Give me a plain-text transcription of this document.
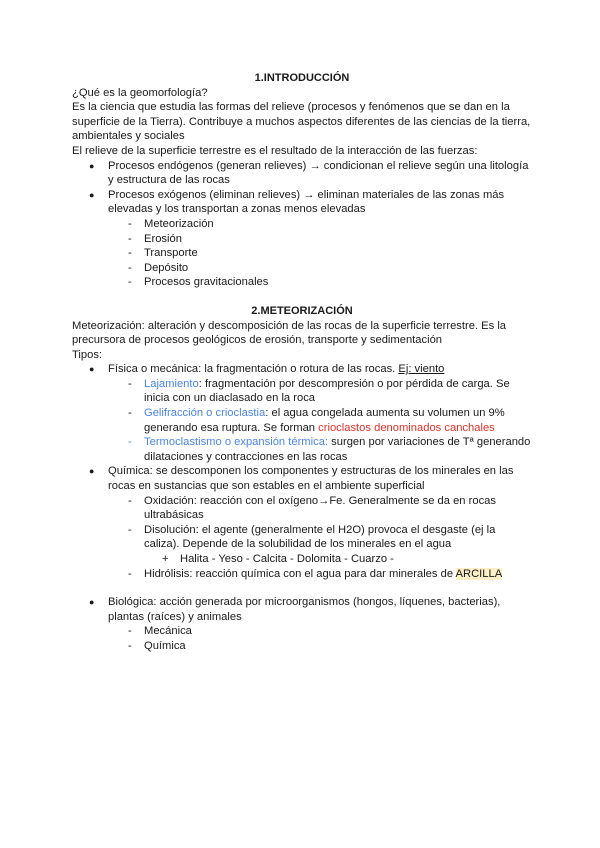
1.INTRODUCCIÓN

¿Qué es la geomorfología?

Es la ciencia que estudia las formas del relieve (procesos y fenómenos que se dan en la superficie de la Tierra). Contribuye a muchos aspectos diferentes de las ciencias de la tierra, ambientales y sociales

El relieve de la superficie terrestre es el resultado de la interacción de las fuerzas:

● Procesos endógenos (generan relieves) → condicionan el relieve según una litología y estructura de las rocas
● Procesos exógenos (eliminan relieves) → eliminan materiales de las zonas más elevadas y los transportan a zonas menos elevadas
- Meteorización
- Erosión
- Transporte
- Depósito
- Procesos gravitacionales
2.METEORIZACIÓN

Meteorización: alteración y descomposición de las rocas de la superficie terrestre. Es la precursora de procesos geológicos de erosión, transporte y sedimentación

Tipos:

● Física o mecánica: la fragmentación o rotura de las rocas. Ej: viento
- Lajamiento: fragmentación por descompresión o por pérdida de carga. Se inicia con un diaclasado en la roca
- Gelifracción o crioclastia: el agua congelada aumenta su volumen un 9% generando esa ruptura. Se forman crioclastos denominados canchales
- Termoclastismo o expansión térmica: surgen por variaciones de Tª generando dilataciones y contracciones en las rocas
● Química: se descomponen los componentes y estructuras de los minerales en las rocas en sustancias que son estables en el ambiente superficial
- Oxidación: reacción con el oxígeno→Fe. Generalmente se da en rocas ultrabásicas
- Disolución: el agente (generalmente el H2O) provoca el desgaste (ej la caliza). Depende de la solubilidad de los minerales en el agua
+ Halita - Yeso - Calcita - Dolomita - Cuarzo -
- Hidrólisis: reacción química con el agua para dar minerales de ARCILLA
● Biológica: acción generada por microorganismos (hongos, líquenes, bacterias), plantas (raíces) y animales
- Mecánica
- Química
